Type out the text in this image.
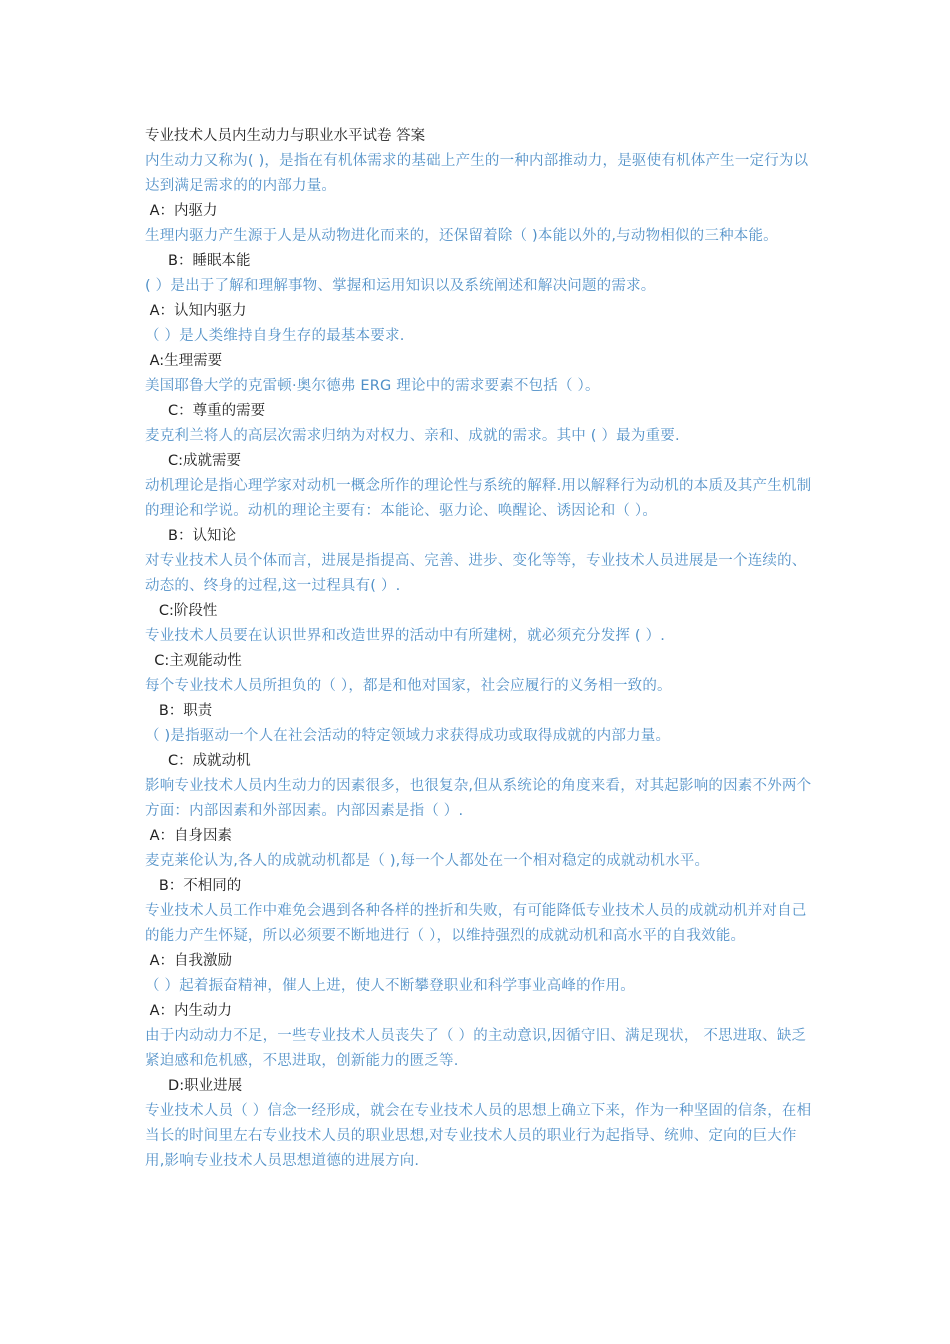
专业技术人员内生动力与职业水平试卷 答案

内生动力又称为( )，是指在有机体需求的基础上产生的一种内部推动力，是驱使有机体产生一定行为以达到满足需求的的内部力量。

A：内驱力

生理内驱力产生源于人是从动物进化而来的，还保留着除（ )本能以外的,与动物相似的三种本能。

B：睡眠本能

( ）是出于了解和理解事物、掌握和运用知识以及系统阐述和解决问题的需求。

A：认知内驱力

（ ）是人类维持自身生存的最基本要求.

A:生理需要

美国耶鲁大学的克雷顿·奥尔德弗 ERG 理论中的需求要素不包括（ ）。

C：尊重的需要

麦克利兰将人的高层次需求归纳为对权力、亲和、成就的需求。其中 ( ）最为重要.

C:成就需要

动机理论是指心理学家对动机一概念所作的理论性与系统的解释.用以解释行为动机的本质及其产生机制的理论和学说。动机的理论主要有：本能论、驱力论、唤醒论、诱因论和（ ）。

B：认知论

对专业技术人员个体而言，进展是指提高、完善、进步、变化等等，专业技术人员进展是一个连续的、动态的、终身的过程,这一过程具有( ）.

C:阶段性

专业技术人员要在认识世界和改造世界的活动中有所建树，就必须充分发挥 ( ）.

C:主观能动性

每个专业技术人员所担负的（ ），都是和他对国家，社会应履行的义务相一致的。

B：职责

（ )是指驱动一个人在社会活动的特定领域力求获得成功或取得成就的内部力量。

C：成就动机

影响专业技术人员内生动力的因素很多，也很复杂,但从系统论的角度来看，对其起影响的因素不外两个方面：内部因素和外部因素。内部因素是指（ ）.

A：自身因素

麦克莱伦认为,各人的成就动机都是（ ),每一个人都处在一个相对稳定的成就动机水平。

B：不相同的

专业技术人员工作中难免会遇到各种各样的挫折和失败，有可能降低专业技术人员的成就动机并对自己的能力产生怀疑，所以必须要不断地进行（ ），以维持强烈的成就动机和高水平的自我效能。

A：自我激励

（ ）起着振奋精神，催人上进，使人不断攀登职业和科学事业高峰的作用。

A：内生动力

由于内动动力不足，一些专业技术人员丧失了（ ）的主动意识,因循守旧、满足现状， 不思进取、缺乏紧迫感和危机感，不思进取，创新能力的匮乏等.

D:职业进展

专业技术人员（ ）信念一经形成，就会在专业技术人员的思想上确立下来，作为一种坚固的信条，在相当长的时间里左右专业技术人员的职业思想,对专业技术人员的职业行为起指导、统帅、定向的巨大作用,影响专业技术人员思想道德的进展方向.
